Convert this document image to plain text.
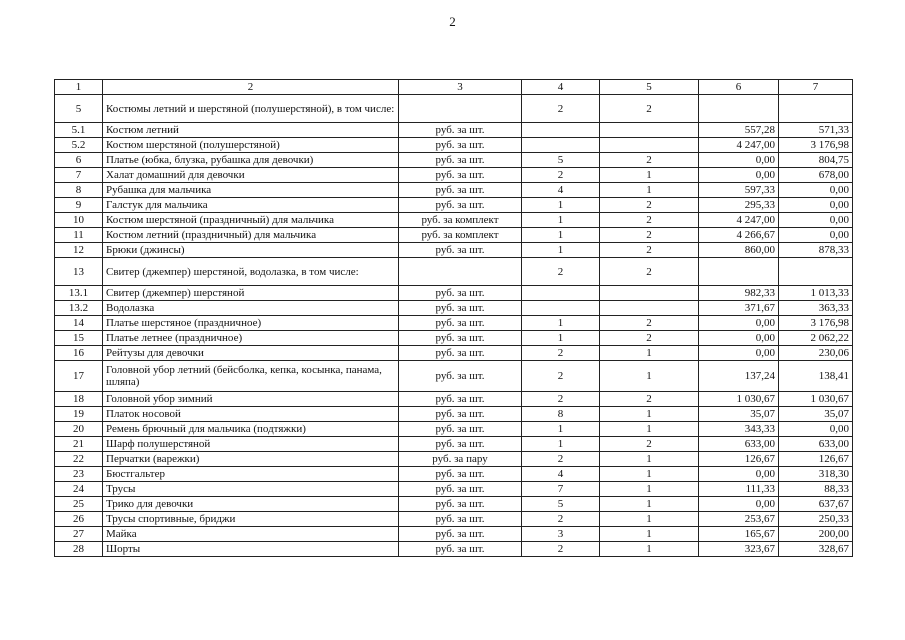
2
1	2	3	4	5	6	7
5	Костюмы летний и шерстяной (полушерстяной), в том числе:		2	2		
5.1	Костюм летний	руб. за шт.			557,28	571,33
5.2	Костюм шерстяной (полушерстяной)	руб. за шт.			4 247,00	3 176,98
6	Платье (юбка, блузка, рубашка для девочки)	руб. за шт.	5	2	0,00	804,75
7	Халат домашний для девочки	руб. за шт.	2	1	0,00	678,00
8	Рубашка для мальчика	руб. за шт.	4	1	597,33	0,00
9	Галстук для мальчика	руб. за шт.	1	2	295,33	0,00
10	Костюм шерстяной (праздничный) для мальчика	руб. за комплект	1	2	4 247,00	0,00
11	Костюм летний (праздничный) для мальчика	руб. за комплект	1	2	4 266,67	0,00
12	Брюки (джинсы)	руб. за шт.	1	2	860,00	878,33
13	Свитер (джемпер) шерстяной, водолазка, в том числе:		2	2		
13.1	Свитер (джемпер) шерстяной	руб. за шт.			982,33	1 013,33
13.2	Водолазка	руб. за шт.			371,67	363,33
14	Платье шерстяное (праздничное)	руб. за шт.	1	2	0,00	3 176,98
15	Платье летнее (праздничное)	руб. за шт.	1	2	0,00	2 062,22
16	Рейтузы для девочки	руб. за шт.	2	1	0,00	230,06
17	Головной убор летний (бейсболка, кепка, косынка, панама, шляпа)	руб. за шт.	2	1	137,24	138,41
18	Головной убор зимний	руб. за шт.	2	2	1 030,67	1 030,67
19	Платок носовой	руб. за шт.	8	1	35,07	35,07
20	Ремень брючный для мальчика (подтяжки)	руб. за шт.	1	1	343,33	0,00
21	Шарф полушерстяной	руб. за шт.	1	2	633,00	633,00
22	Перчатки (варежки)	руб. за пару	2	1	126,67	126,67
23	Бюстгальтер	руб. за шт.	4	1	0,00	318,30
24	Трусы	руб. за шт.	7	1	111,33	88,33
25	Трико для девочки	руб. за шт.	5	1	0,00	637,67
26	Трусы спортивные, бриджи	руб. за шт.	2	1	253,67	250,33
27	Майка	руб. за шт.	3	1	165,67	200,00
28	Шорты	руб. за шт.	2	1	323,67	328,67
